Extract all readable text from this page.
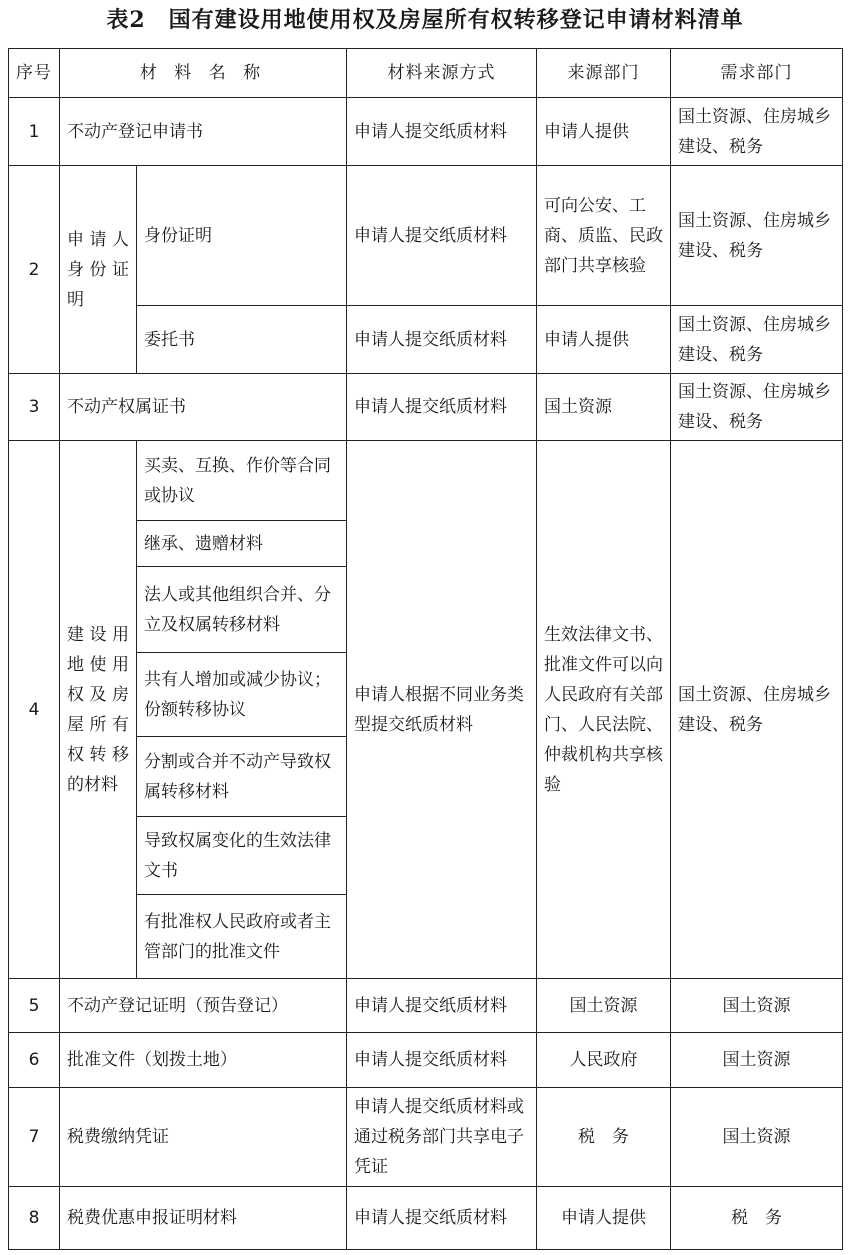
表2　国有建设用地使用权及房屋所有权转移登记申请材料清单
序号	材 料 名 称		材料来源方式	来源部门	需求部门
1	不动产登记申请书		申请人提交纸质材料	申请人提供	国土资源、住房城乡建设、税务
2	申请人身份证明	身份证明	申请人提交纸质材料	可向公安、工商、质监、民政部门共享核验	国土资源、住房城乡建设、税务
		委托书	申请人提交纸质材料	申请人提供	国土资源、住房城乡建设、税务
3	不动产权属证书		申请人提交纸质材料	国土资源	国土资源、住房城乡建设、税务
4	建设用地使用权及房屋所有权转移的材料	买卖、互换、作价等合同或协议	申请人根据不同业务类型提交纸质材料	生效法律文书、批准文件可以向人民政府有关部门、人民法院、仲裁机构共享核验	国土资源、住房城乡建设、税务
		继承、遗赠材料			
		法人或其他组织合并、分立及权属转移材料			
		共有人增加或减少协议；份额转移协议			
		分割或合并不动产导致权属转移材料			
		导致权属变化的生效法律文书			
		有批准权人民政府或者主管部门的批准文件			
5	不动产登记证明（预告登记）		申请人提交纸质材料	国土资源	国土资源
6	批准文件（划拨土地）		申请人提交纸质材料	人民政府	国土资源
7	税费缴纳凭证		申请人提交纸质材料或通过税务部门共享电子凭证	税　务	国土资源
8	税费优惠申报证明材料		申请人提交纸质材料	申请人提供	税　务
